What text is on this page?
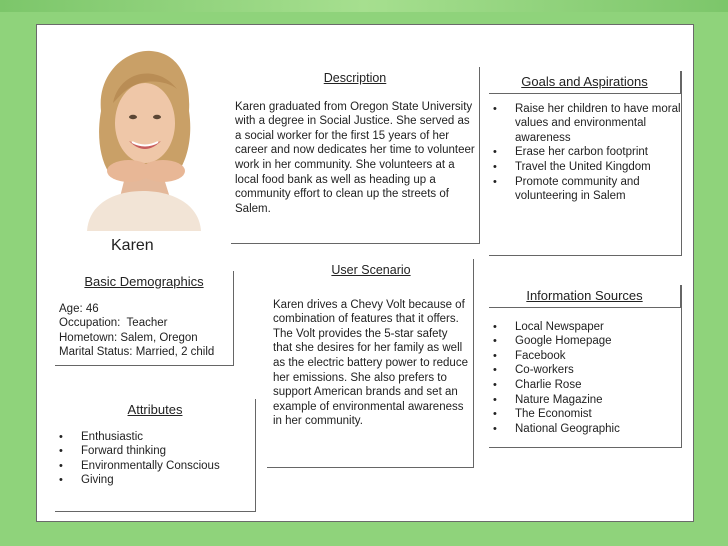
Karen
Description
Karen graduated from Oregon State University with a degree in Social Justice. She served as a social worker for the first 15 years of her career and now dedicates her time to volunteer work in her community. She volunteers at a local food bank as well as heading up a community effort to clean up the streets of Salem.
Goals and Aspirations
• Raise her children to have moral values and environmental awareness
• Erase her carbon footprint
• Travel the United Kingdom
• Promote community and volunteering in Salem
Basic Demographics
Age: 46
Occupation:  Teacher
Hometown: Salem, Oregon
Marital Status: Married, 2 child
User Scenario
Karen drives a Chevy Volt because of combination of features that it offers. The Volt provides the 5-star safety that she desires for her family as well as the electric battery power to reduce her emissions. She also prefers to support American brands and set an example of environmental awareness in her community.
Information Sources
• Local Newspaper
• Google Homepage
• Facebook
• Co-workers
• Charlie Rose
• Nature Magazine
• The Economist
• National Geographic
Attributes
• Enthusiastic
• Forward thinking
• Environmentally Conscious
• Giving
